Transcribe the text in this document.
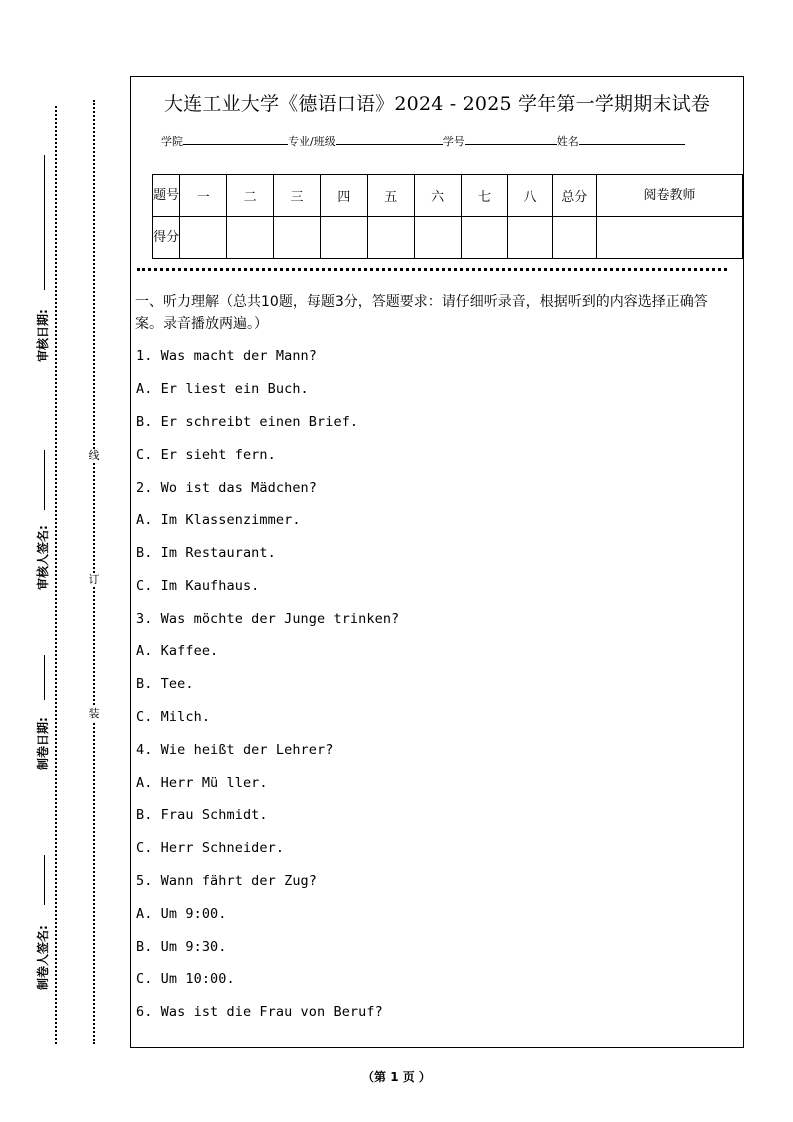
审核日期:
审核人签名:
制卷日期:
制卷人签名:
线
订
装
大连工业大学《德语口语》2024 - 2025 学年第一学期期末试卷
学院	专业/班级	学号	姓名
题号	一	二	三	四	五	六	七	八	总分	阅卷教师
得分										
一、听力理解（总共10题，每题3分，答题要求：请仔细听录音，根据听到的内容选择正确答案。录音播放两遍。）
1. Was macht der Mann?
A. Er liest ein Buch.
B. Er schreibt einen Brief.
C. Er sieht fern.
2. Wo ist das Mädchen?
A. Im Klassenzimmer.
B. Im Restaurant.
C. Im Kaufhaus.
3. Was möchte der Junge trinken?
A. Kaffee.
B. Tee.
C. Milch.
4. Wie heißt der Lehrer?
A. Herr Mü ller.
B. Frau Schmidt.
C. Herr Schneider.
5. Wann fährt der Zug?
A. Um 9:00.
B. Um 9:30.
C. Um 10:00.
6. Was ist die Frau von Beruf?
（第 1 页 ）
